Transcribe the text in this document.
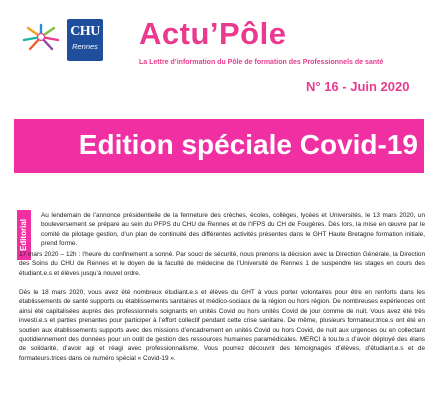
CHU
Rennes Actu’Pôle

La Lettre d’information du Pôle de formation des Professionnels de santé

N° 16 - Juin 2020

Edition spéciale Covid-19
Editorial

Au lendemain de l’annonce présidentielle de la fermeture des crèches, écoles, collèges, lycées et Universités, le 13 mars 2020, un bouleversement se prépare au sein du PFPS du CHU de Rennes et de l’IFPS du CH de Fougères. Dès lors, la mise en œuvre par le comité de pilotage gestion, d’un plan de continuité des différentes activités présentes dans le GHT Haute Bretagne formation initiale, prend forme.

17 mars 2020 – 12h : l’heure du confinement a sonné. Par souci de sécurité, nous prenons la décision avec la Direction Générale, la Direction des Soins du CHU de Rennes et le doyen de la faculté de médecine de l’Université de Rennes 1 de suspendre les stages en cours des étudiant.e.s et élèves jusqu’à nouvel ordre.

Dès le 18 mars 2020, vous avez été nombreux étudiant.e.s et élèves du GHT à vous porter volontaires pour être en renforts dans les établissements de santé supports ou établissements sanitaires et médico-sociaux de la région ou hors région. De nombreuses expériences ont ainsi été capitalisées auprès des professionnels soignants en unités Covid ou hors unités Covid de jour comme de nuit. Vous avez été très investi.e.s et parties prenantes pour participer à l’effort collectif pendant cette crise sanitaire. De même, plusieurs formateur.trice.s ont été en soutien aux établissements supports avec des missions d’encadrement en unités Covid ou hors Covid, de nuit aux urgences ou en collectant quotidiennement des données pour un outil de gestion des ressources humaines paramédicales. MERCI à tou.te.s d’avoir déployé des élans de solidarité, d’avoir agi et réagi avec professionnalisme. Vous pourrez découvrir des témoignages d’élèves, d’étudiant.e.s et de formateurs.trices dans ce numéro spécial « Covid-19 ».
